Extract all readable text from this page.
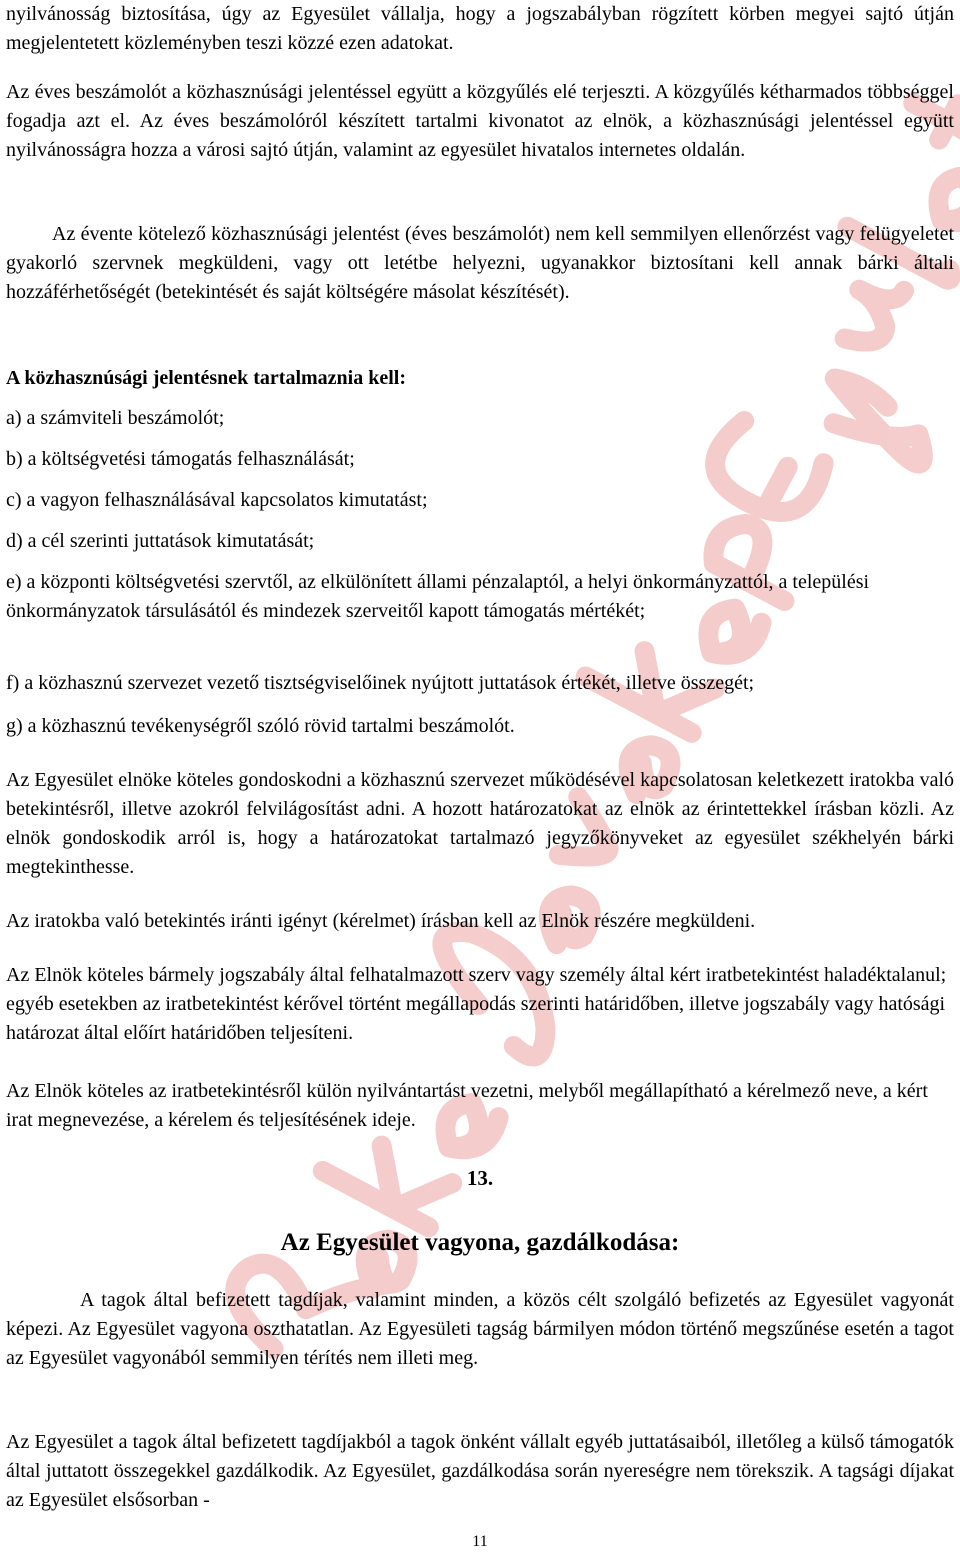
nyilvánosság biztosítása, úgy az Egyesület vállalja, hogy a jogszabályban rögzített körben megyei sajtó útján megjelentetett közleményben teszi közzé ezen adatokat.

Az éves beszámolót a közhasznúsági jelentéssel együtt a közgyűlés elé terjeszti. A közgyűlés kétharmados többséggel fogadja azt el. Az éves beszámolóról készített tartalmi kivonatot az elnök, a közhasznúsági jelentéssel együtt nyilvánosságra hozza a városi sajtó útján, valamint az egyesület hivatalos internetes oldalán.

Az évente kötelező közhasznúsági jelentést (éves beszámolót) nem kell semmilyen ellenőrzést vagy felügyeletet gyakorló szervnek megküldeni, vagy ott letétbe helyezni, ugyanakkor biztosítani kell annak bárki általi hozzáférhetőségét (betekintését és saját költségére másolat készítését).

A közhasznúsági jelentésnek tartalmaznia kell:

a) a számviteli beszámolót;

b) a költségvetési támogatás felhasználását;

c) a vagyon felhasználásával kapcsolatos kimutatást;

d) a cél szerinti juttatások kimutatását;

e) a központi költségvetési szervtől, az elkülönített állami pénzalaptól, a helyi önkormányzattól, a települési önkormányzatok társulásától és mindezek szerveitől kapott támogatás mértékét;

f) a közhasznú szervezet vezető tisztségviselőinek nyújtott juttatások értékét, illetve összegét;

g) a közhasznú tevékenységről szóló rövid tartalmi beszámolót.

Az Egyesület elnöke köteles gondoskodni a közhasznú szervezet működésével kapcsolatosan keletkezett iratokba való betekintésről, illetve azokról felvilágosítást adni. A hozott határozatokat az elnök az érintettekkel írásban közli. Az elnök gondoskodik arról is, hogy a határozatokat tartalmazó jegyzőkönyveket az egyesület székhelyén bárki megtekinthesse.

Az iratokba való betekintés iránti igényt (kérelmet) írásban kell az Elnök részére megküldeni.

Az Elnök köteles bármely jogszabály által felhatalmazott szerv vagy személy által kért iratbetekintést haladéktalanul; egyéb esetekben az iratbetekintést kérővel történt megállapodás szerinti határidőben, illetve jogszabály vagy hatósági határozat által előírt határidőben teljesíteni.

Az Elnök köteles az iratbetekintésről külön nyilvántartást vezetni, melyből megállapítható a kérelmező neve, a kért irat megnevezése, a kérelem és teljesítésének ideje.

13.

Az Egyesület vagyona, gazdálkodása:

A tagok által befizetett tagdíjak, valamint minden, a közös célt szolgáló befizetés az Egyesület vagyonát képezi. Az Egyesület vagyona oszthatatlan. Az Egyesületi tagság bármilyen módon történő megszűnése esetén a tagot az Egyesület vagyonából semmilyen térítés nem illeti meg.

Az Egyesület a tagok által befizetett tagdíjakból a tagok önként vállalt egyéb juttatásaiból, illetőleg a külső támogatók által juttatott összegekkel gazdálkodik. Az Egyesület, gazdálkodása során nyereségre nem törekszik. A tagsági díjakat az Egyesület elsősorban -

11
